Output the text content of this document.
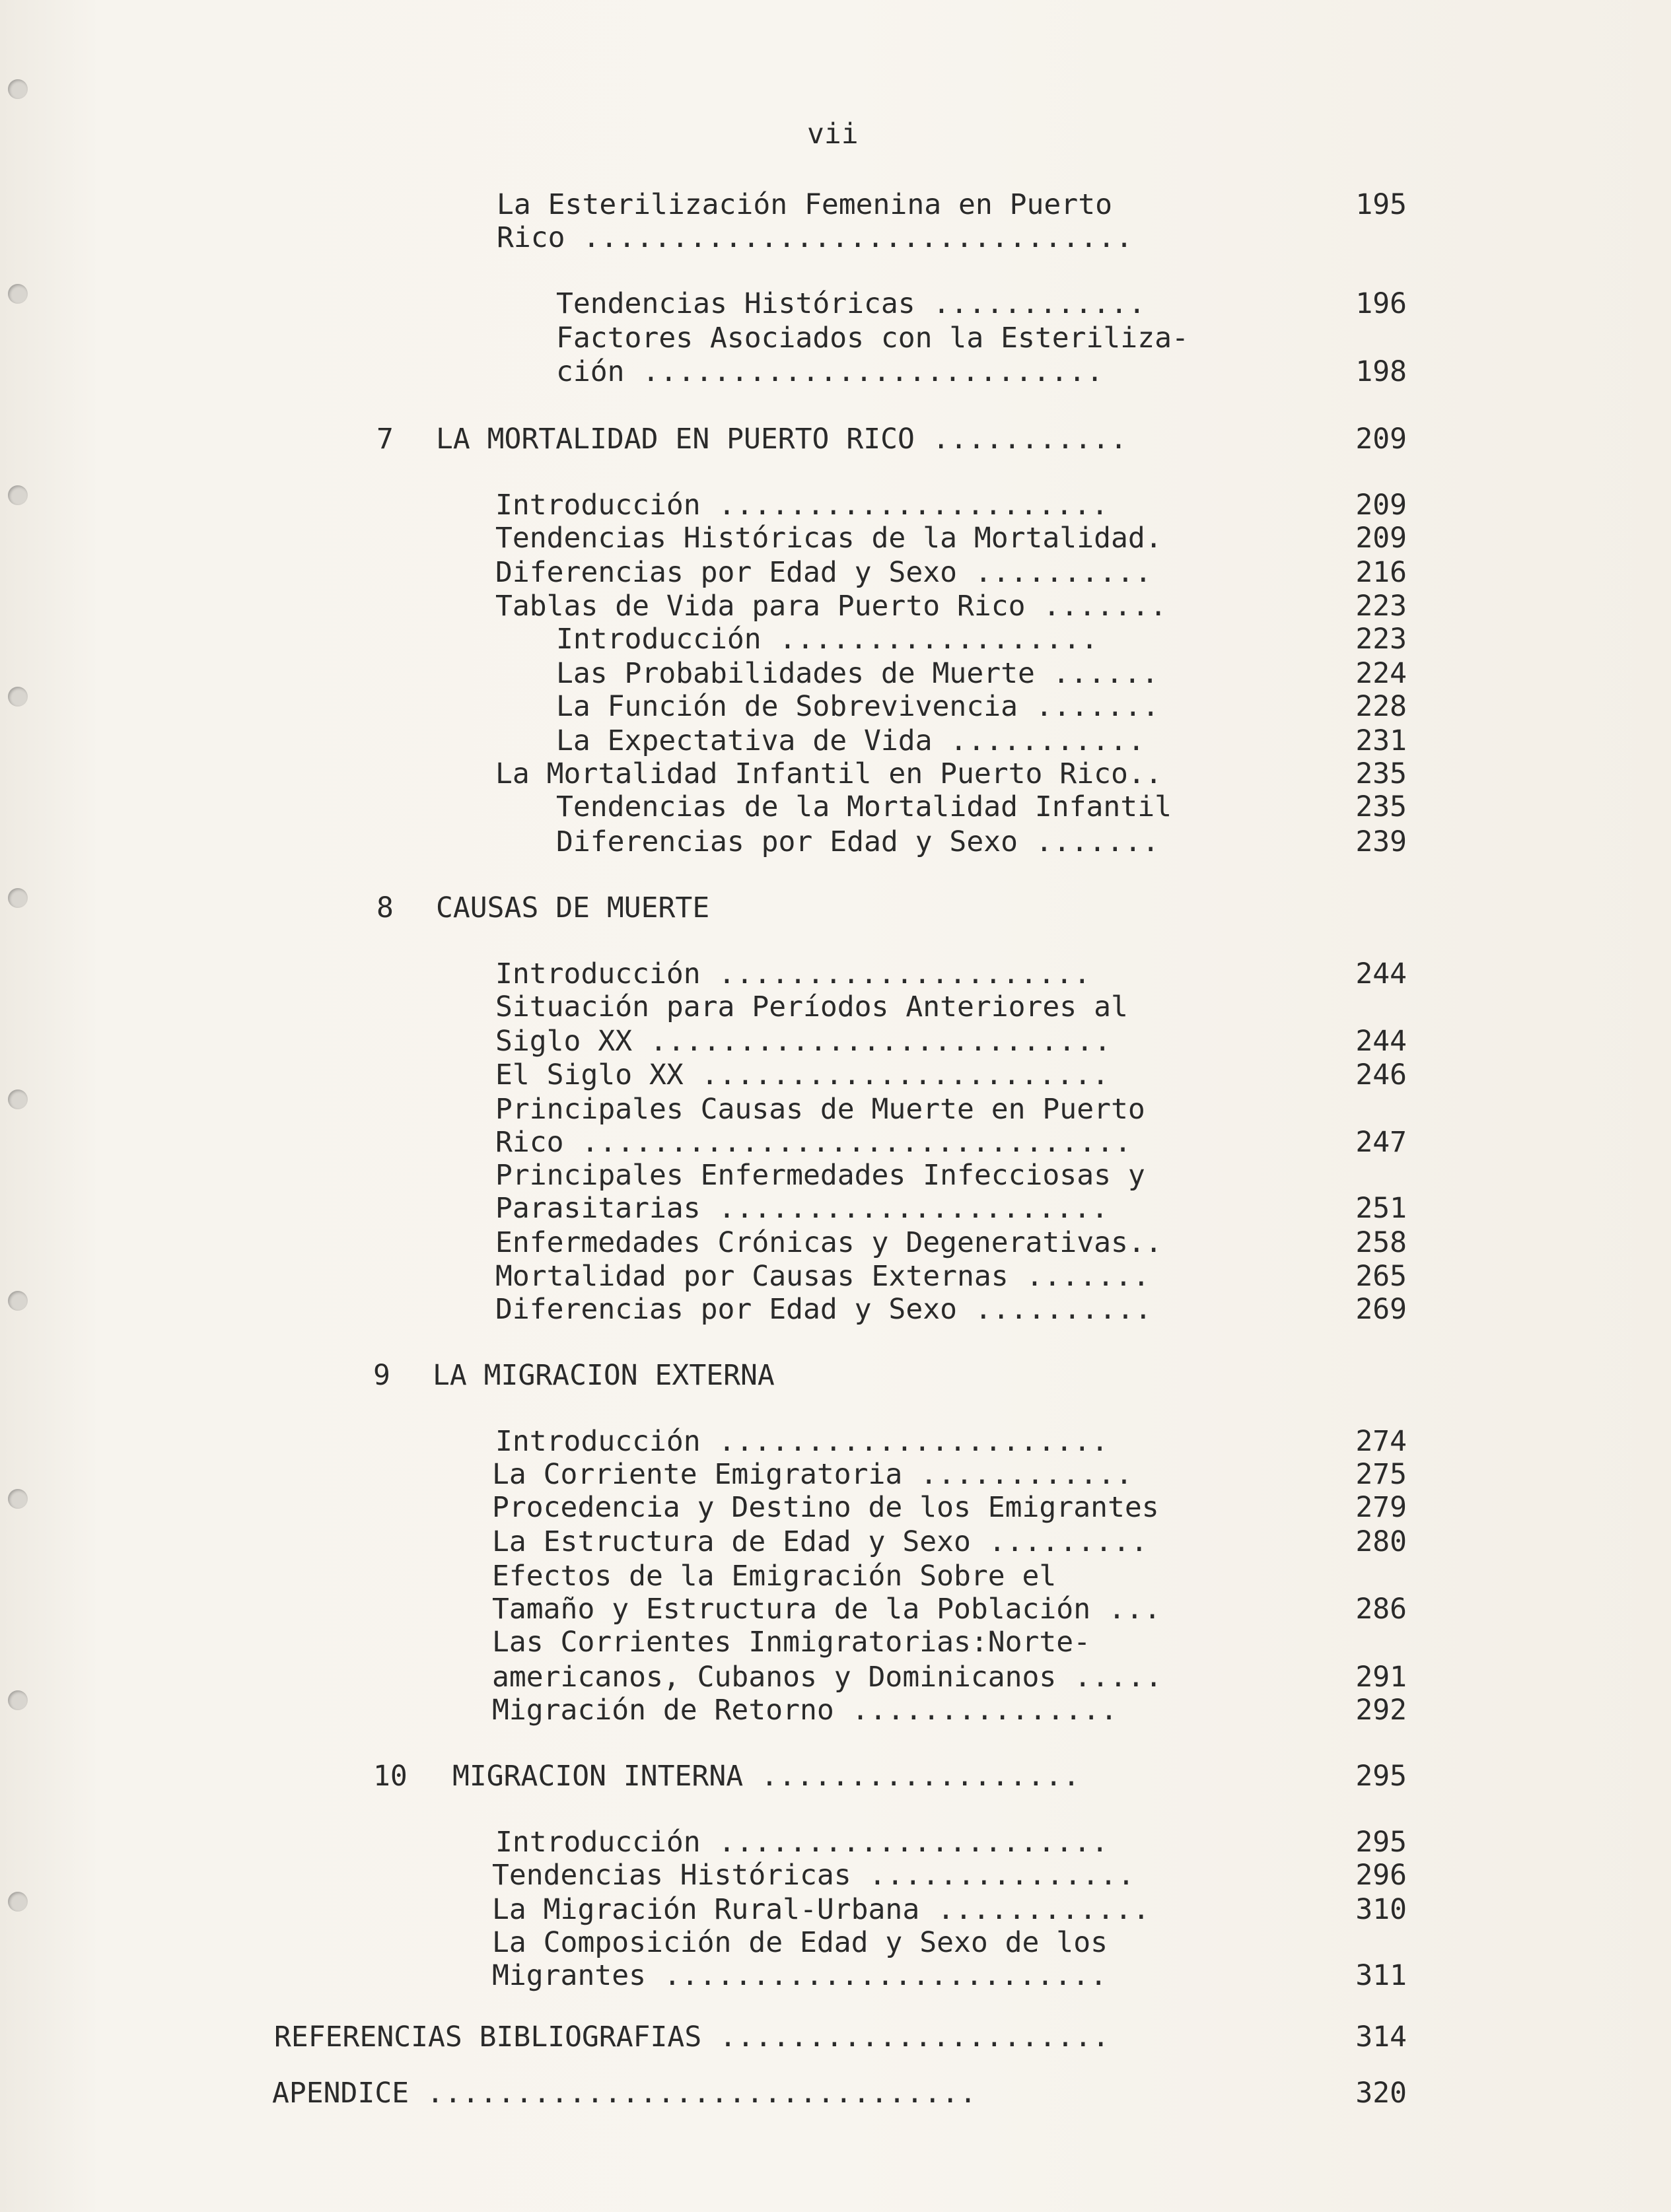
vii
La Esterilización Femenina en Puerto	195
Rico ...............................
Tendencias Históricas ............	196
Factores Asociados con la Esteriliza-
ción ..........................	198
7 LA MORTALIDAD EN PUERTO RICO ...........	209
Introducción ......................	209
Tendencias Históricas de la Mortalidad.	209
Diferencias por Edad y Sexo ..........	216
Tablas de Vida para Puerto Rico .......	223
Introducción ..................	223
Las Probabilidades de Muerte ......	224
La Función de Sobrevivencia .......	228
La Expectativa de Vida ...........	231
La Mortalidad Infantil en Puerto Rico..	235
Tendencias de la Mortalidad Infantil	235
Diferencias por Edad y Sexo .......	239
8 CAUSAS DE MUERTE
Introducción .....................	244
Situación para Períodos Anteriores al
Siglo XX ..........................	244
El Siglo XX .......................	246
Principales Causas de Muerte en Puerto
Rico ...............................	247
Principales Enfermedades Infecciosas y
Parasitarias ......................	251
Enfermedades Crónicas y Degenerativas..	258
Mortalidad por Causas Externas .......	265
Diferencias por Edad y Sexo ..........	269
9 LA MIGRACION EXTERNA
Introducción ......................	274
La Corriente Emigratoria ............	275
Procedencia y Destino de los Emigrantes	279
La Estructura de Edad y Sexo .........	280
Efectos de la Emigración Sobre el
Tamaño y Estructura de la Población ...	286
Las Corrientes Inmigratorias:Norte-
americanos, Cubanos y Dominicanos .....	291
Migración de Retorno ...............	292
10 MIGRACION INTERNA ..................	295
Introducción ......................	295
Tendencias Históricas ...............	296
La Migración Rural-Urbana ............	310
La Composición de Edad y Sexo de los
Migrantes .........................	311
REFERENCIAS BIBLIOGRAFIAS ......................	314
APENDICE ...............................	320
